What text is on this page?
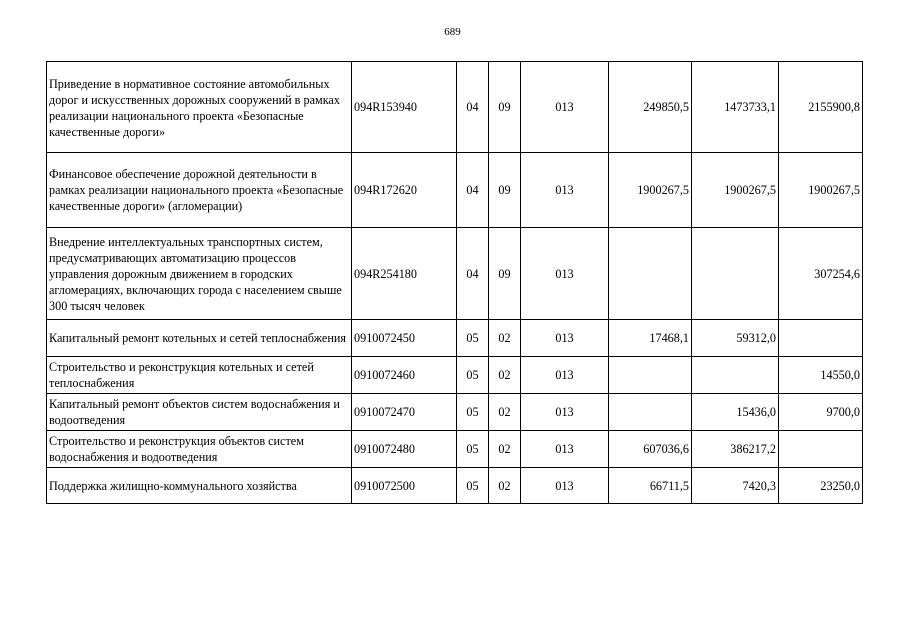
689
Приведение в нормативное состояние автомобильных дорог и искусственных дорожных сооружений в рамках реализации национального проекта «Безопасные качественные дороги»	094R153940	04	09	013	249850,5	1473733,1	2155900,8
Финансовое обеспечение дорожной деятельности в рамках реализации национального проекта «Безопасные качественные дороги» (агломерации)	094R172620	04	09	013	1900267,5	1900267,5	1900267,5
Внедрение интеллектуальных транспортных систем, предусматривающих автоматизацию процессов управления дорожным движением в городских агломерациях, включающих города с населением свыше 300 тысяч человек	094R254180	04	09	013			307254,6
Капитальный ремонт котельных и сетей теплоснабжения	0910072450	05	02	013	17468,1	59312,0	
Строительство и реконструкция котельных и сетей теплоснабжения	0910072460	05	02	013			14550,0
Капитальный ремонт объектов систем водоснабжения и водоотведения	0910072470	05	02	013		15436,0	9700,0
Строительство и реконструкция объектов систем водоснабжения и водоотведения	0910072480	05	02	013	607036,6	386217,2	
Поддержка жилищно-коммунального хозяйства	0910072500	05	02	013	66711,5	7420,3	23250,0
